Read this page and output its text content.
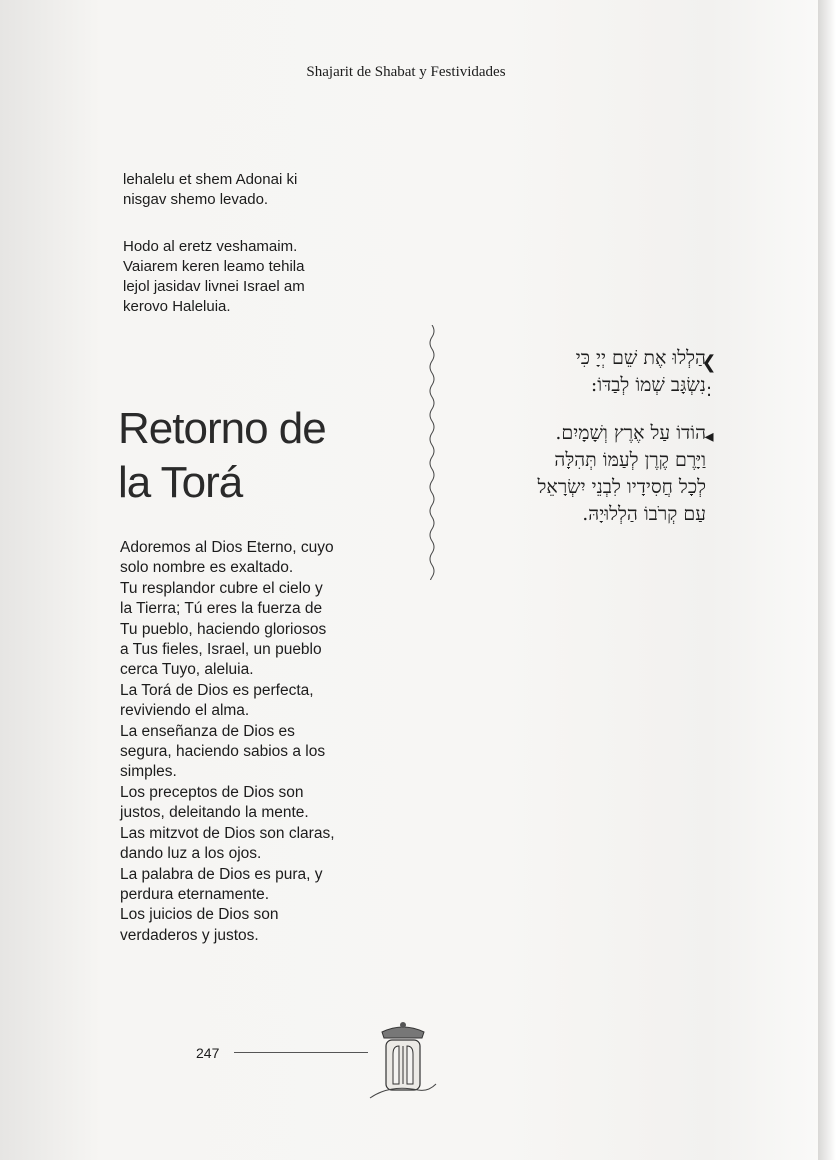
Shajarit de Shabat y Festividades
lehalelu et shem Adonai ki
nisgav shemo levado.
Hodo al eretz veshamaim.
Vaiarem keren leamo tehila
lejol jasidav livnei Israel am
kerovo Haleluia.
Retorno de
la Torá
Adoremos al Dios Eterno, cuyo
solo nombre es exaltado.
Tu resplandor cubre el cielo y
la Tierra; Tú eres la fuerza de
Tu pueblo, haciendo gloriosos
a Tus fieles, Israel, un pueblo
cerca Tuyo, aleluia.
La Torá de Dios es perfecta,
reviviendo el alma.
La enseñanza de Dios es
segura, haciendo sabios a los
simples.
Los preceptos de Dios son
justos, deleitando la mente.
Las mitzvot de Dios son claras,
dando luz a los ojos.
La palabra de Dios es pura, y
perdura eternamente.
Los juicios de Dios son
verdaderos y justos.
❮
:
◂
הַלְלוּ אֶת שֵׁם יְיָ כִּי
נִשְׂגָּב שְׁמוֹ לְבַדּוֹ:
הוֹדוֹ עַל אֶרֶץ וְשָׁמָיִם.
וַיָּרֶם קֶרֶן לְעַמּוֹ תְּהִלָּה
לְכָל חֲסִידָיו לִבְנֵי יִשְׂרָאֵל
עַם קְרֹבוֹ הַלְלוּיָהּ.
247
